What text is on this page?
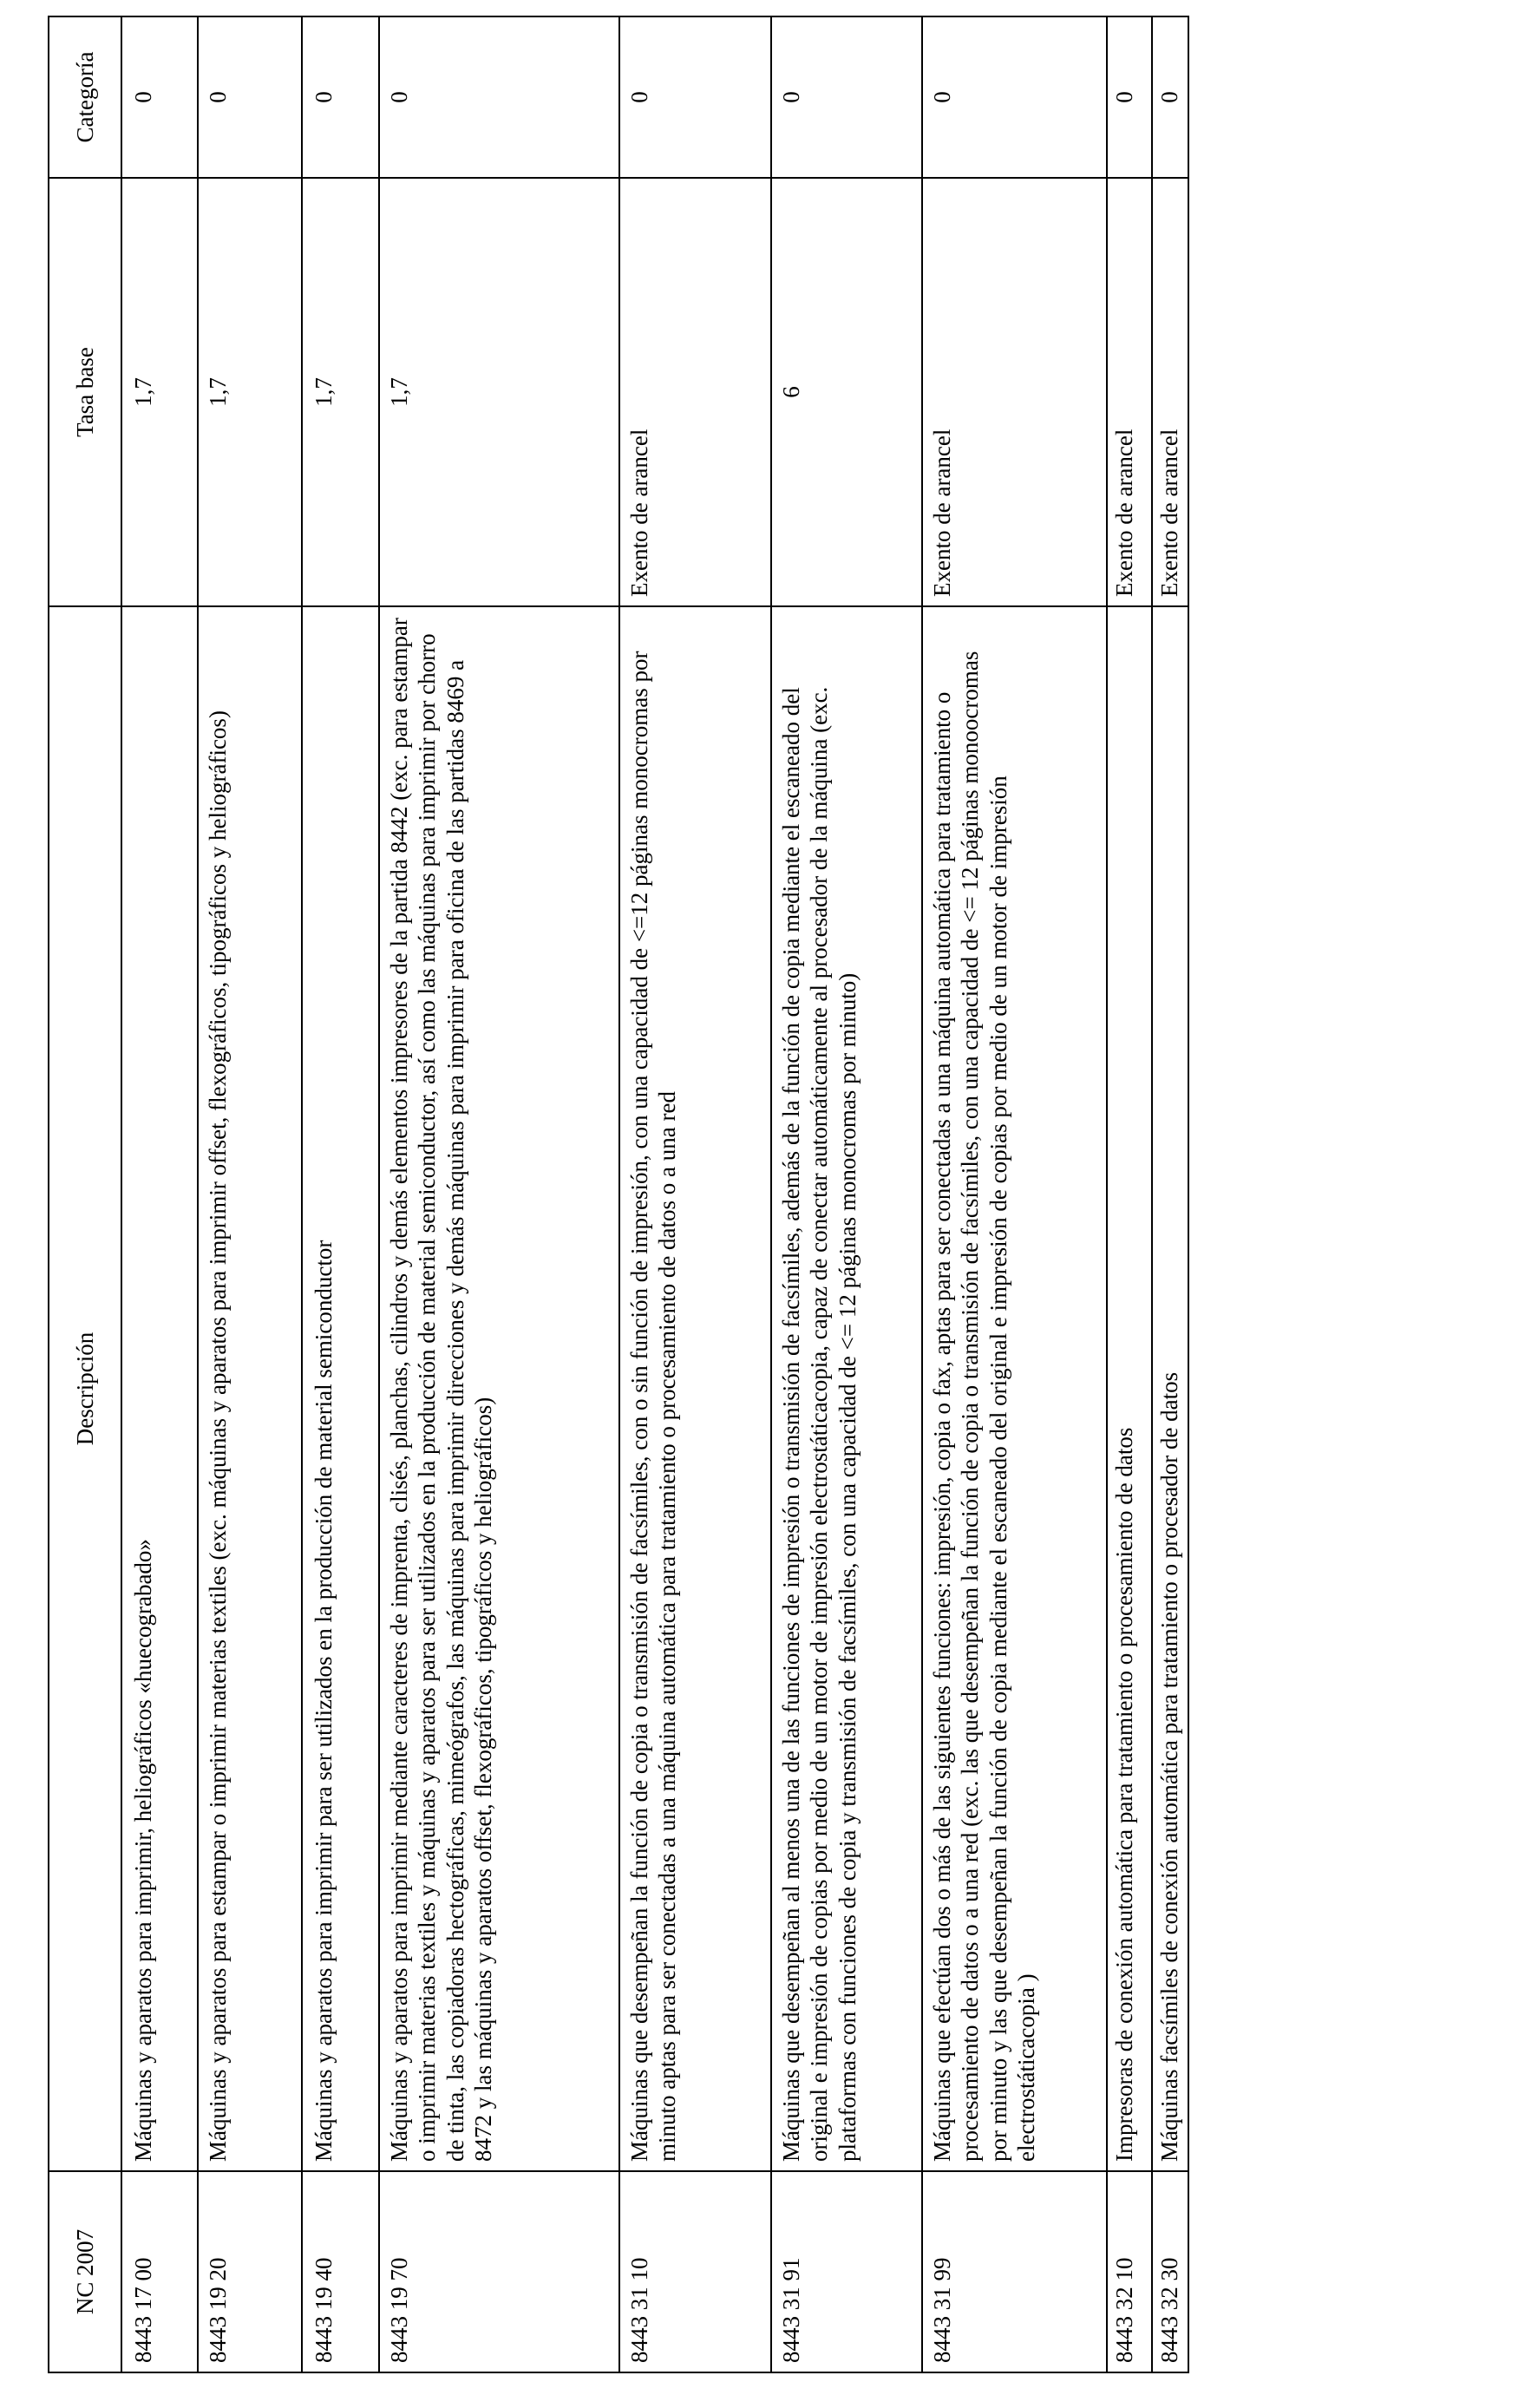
NC 2007	Descripción	Tasa base	Categoría
8443 17 00	Máquinas y aparatos para imprimir, heliográficos «huecograbado»	1,7	0
8443 19 20	Máquinas y aparatos para estampar o imprimir materias textiles (exc. máquinas y aparatos para imprimir offset, flexográficos, tipográficos y heliográficos)	1,7	0
8443 19 40	Máquinas y aparatos para imprimir para ser utilizados en la producción de material semiconductor	1,7	0
8443 19 70	Máquinas y aparatos para imprimir mediante caracteres de imprenta, clisés, planchas, cilindros y demás elementos impresores de la partida 8442 (exc. para estampar o imprimir materias textiles y máquinas y aparatos para ser utilizados en la producción de material semiconductor, así como las máquinas para imprimir por chorro de tinta, las copiadoras hectográficas, mimeógrafos, las máquinas para imprimir direcciones y demás máquinas para imprimir para oficina de las partidas 8469 a 8472 y las máquinas y aparatos offset, flexográficos, tipográficos y heliográficos)	1,7	0
8443 31 10	Máquinas que desempeñan la función de copia o transmisión de facsímiles, con o sin función de impresión, con una capacidad de <=12 páginas monocromas por minuto aptas para ser conectadas a una máquina automática para tratamiento o procesamiento de datos o a una red	Exento de arancel	0
8443 31 91	Máquinas que desempeñan al menos una de las funciones de impresión o transmisión de facsímiles, además de la función de copia mediante el escaneado del original e impresión de copias por medio de un motor de impresión electrostáticacopia, capaz de conectar automáticamente al procesador de la máquina (exc. plataformas con funciones de copia y transmisión de facsímiles, con una capacidad de <= 12 páginas monocromas por minuto)	6	0
8443 31 99	Máquinas que efectúan dos o más de las siguientes funciones: impresión, copia o fax, aptas para ser conectadas a una máquina automática para tratamiento o procesamiento de datos o a una red (exc. las que desempeñan la función de copia o transmisión de facsímiles, con una capacidad de <= 12 páginas monoocromas por minuto y las que desempeñan la función de copia mediante el escaneado del original e impresión de copias por medio de un motor de impresión electrostáticacopia )	Exento de arancel	0
8443 32 10	Impresoras de conexión automática para tratamiento o procesamiento de datos	Exento de arancel	0
8443 32 30	Máquinas facsímiles de conexión automática para tratamiento o procesador de datos	Exento de arancel	0
